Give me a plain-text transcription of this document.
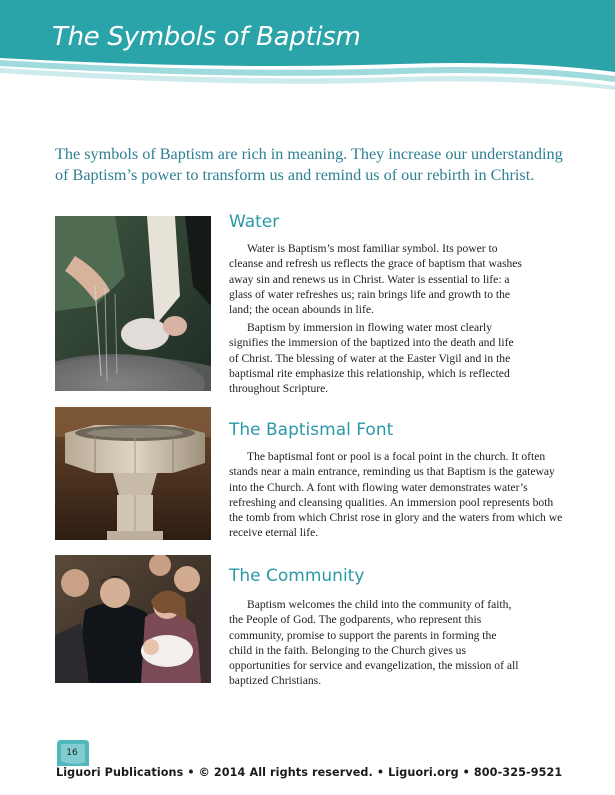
The Symbols of Baptism

The symbols of Baptism are rich in meaning. They increase our understanding of Baptism’s power to transform us and remind us of our rebirth in Christ.

Water

Water is Baptism’s most familiar symbol. Its power to cleanse and refresh us reflects the grace of baptism that washes away sin and renews us in Christ. Water is essential to life: a glass of water refreshes us; rain brings life and growth to the land; the ocean abounds in life.

Baptism by immersion in flowing water most clearly signifies the immersion of the baptized into the death and life of Christ. The blessing of water at the Easter Vigil and in the baptismal rite emphasize this relationship, which is reflected throughout Scripture.

The Baptismal Font

The baptismal font or pool is a focal point in the church. It often stands near a main entrance, reminding us that Baptism is the gateway into the Church. A font with flowing water demonstrates water’s refreshing and cleansing qualities. An immersion pool represents both the tomb from which Christ rose in glory and the waters from which we receive eternal life.

The Community

Baptism welcomes the child into the community of faith, the People of God. The godparents, who represent this community, promise to support the parents in forming the child in the faith. Belonging to the Church gives us opportunities for service and evangelization, the mission of all baptized Christians.

16

Liguori Publications • © 2014 All rights reserved. • Liguori.org • 800-325-9521
